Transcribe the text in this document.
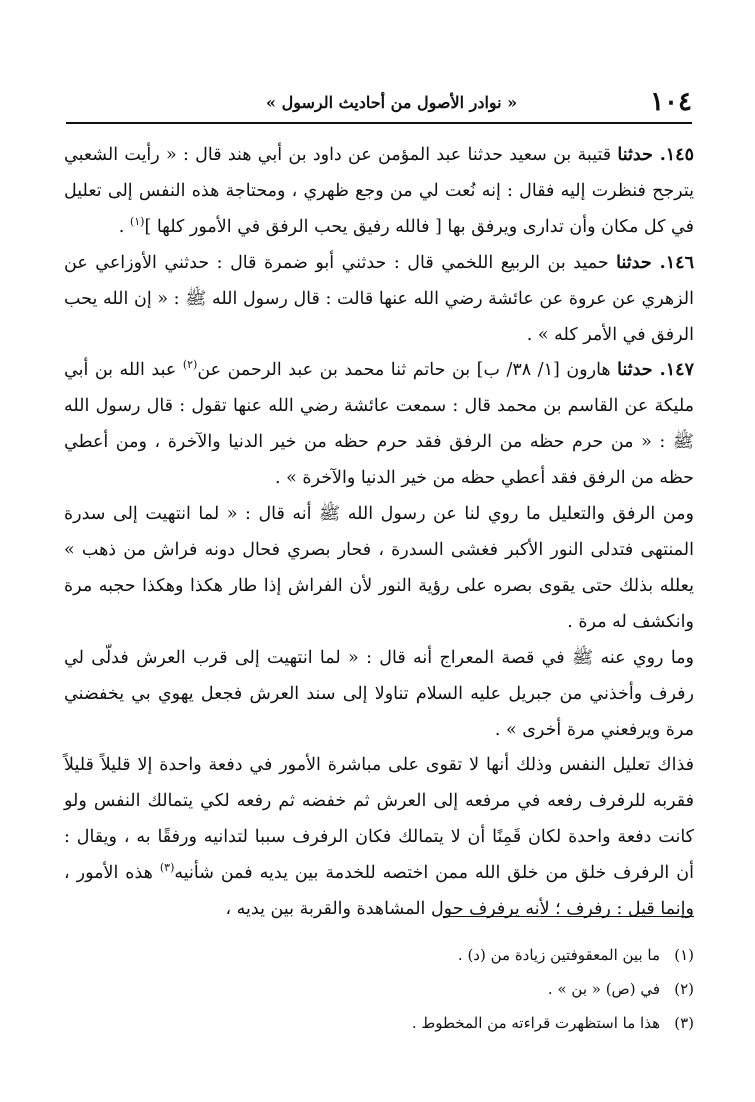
١٠٤
« نوادر الأصول من أحاديث الرسول »

١٤٥. حدثنا قتيبة بن سعيد حدثنا عبد المؤمن عن داود بن أبي هند قال : « رأيت الشعبي يترجح فنظرت إليه فقال : إنه نُعت لي من وجع ظهري ، ومحتاجة هذه النفس إلى تعليل في كل مكان وأن تدارى ويرفق بها [ فالله رفيق يحب الرفق في الأمور كلها ]$^{(١)}$ .

١٤٦. حدثنا حميد بن الربيع اللخمي قال : حدثني أبو ضمرة قال : حدثني الأوزاعي عن الزهري عن عروة عن عائشة رضي الله عنها قالت : قال رسول الله ﷺ : « إن الله يحب الرفق في الأمر كله » .

١٤٧. حدثنا هارون [١/ ٣٨/ ب] بن حاتم ثنا محمد بن عبد الرحمن عن$^{(٢)}$ عبد الله بن أبي مليكة عن القاسم بن محمد قال : سمعت عائشة رضي الله عنها تقول : قال رسول الله ﷺ : « من حرم حظه من الرفق فقد حرم حظه من خير الدنيا والآخرة ، ومن أعطي حظه من الرفق فقد أعطي حظه من خير الدنيا والآخرة » .

ومن الرفق والتعليل ما روي لنا عن رسول الله ﷺ أنه قال : « لما انتهيت إلى سدرة المنتهى فتدلى النور الأكبر فغشى السدرة ، فحار بصري فحال دونه فراش من ذهب » يعلله بذلك حتى يقوى بصره على رؤية النور لأن الفراش إذا طار هكذا وهكذا حجبه مرة وانكشف له مرة .

وما روي عنه ﷺ في قصة المعراج أنه قال : « لما انتهيت إلى قرب العرش فدلّى لي رفرف وأخذني من جبريل عليه السلام تناولا إلى سند العرش فجعل يهوي بي يخفضني مرة ويرفعني مرة أخرى » .

فذاك تعليل النفس وذلك أنها لا تقوى على مباشرة الأمور في دفعة واحدة إلا قليلاً قليلاً فقربه للرفرف رفعه في مرفعه إلى العرش ثم خفضه ثم رفعه لكي يتمالك النفس ولو كانت دفعة واحدة لكان قَمِنًا أن لا يتمالك فكان الرفرف سببا لتدانيه ورفقًا به ، ويقال : أن الرفرف خلق من خلق الله ممن اختصه للخدمة بين يديه فمن شأنيه$^{(٣)}$ هذه الأمور ، وإنما قيل : رفرف ؛ لأنه يرفرف حول المشاهدة والقربة بين يديه ،

(١)ما بين المعقوفتين زيادة من (د) .
(٢)في (ص) « بن » .
(٣)هذا ما استظهرت قراءته من المخطوط .
